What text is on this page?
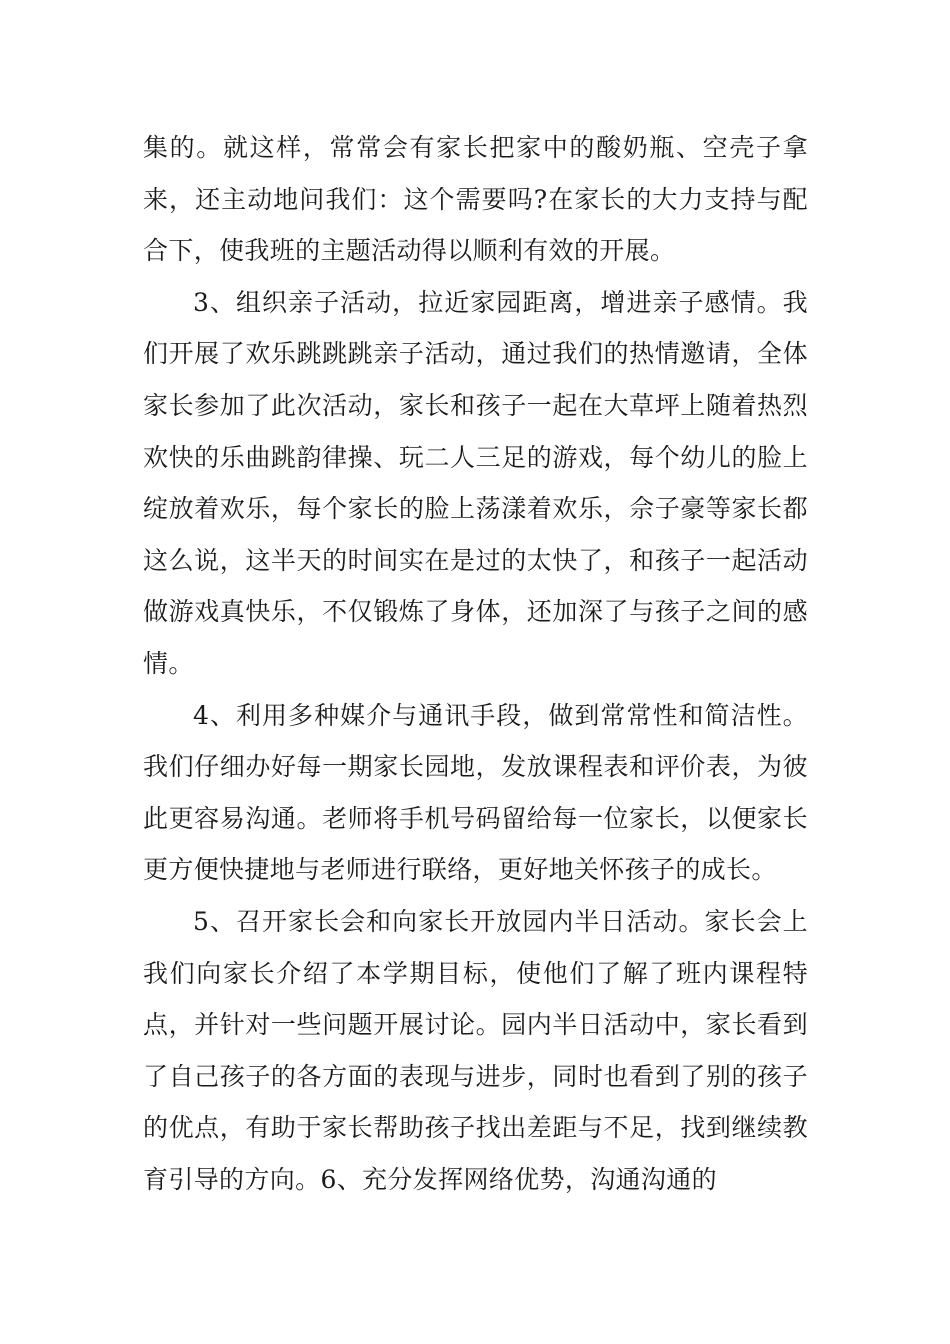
集的。就这样，常常会有家长把家中的酸奶瓶、空壳子拿来，还主动地问我们：这个需要吗?在家长的大力支持与配合下，使我班的主题活动得以顺利有效的开展。

3、组织亲子活动，拉近家园距离，增进亲子感情。我们开展了欢乐跳跳跳亲子活动，通过我们的热情邀请，全体家长参加了此次活动，家长和孩子一起在大草坪上随着热烈欢快的乐曲跳韵律操、玩二人三足的游戏，每个幼儿的脸上绽放着欢乐，每个家长的脸上荡漾着欢乐，佘子豪等家长都这么说，这半天的时间实在是过的太快了，和孩子一起活动做游戏真快乐，不仅锻炼了身体，还加深了与孩子之间的感情。

4、利用多种媒介与通讯手段，做到常常性和简洁性。我们仔细办好每一期家长园地，发放课程表和评价表，为彼此更容易沟通。老师将手机号码留给每一位家长，以便家长更方便快捷地与老师进行联络，更好地关怀孩子的成长。

5、召开家长会和向家长开放园内半日活动。家长会上我们向家长介绍了本学期目标，使他们了解了班内课程特点，并针对一些问题开展讨论。园内半日活动中，家长看到了自己孩子的各方面的表现与进步，同时也看到了别的孩子的优点，有助于家长帮助孩子找出差距与不足，找到继续教育引导的方向。6、充分发挥网络优势，沟通沟通的
